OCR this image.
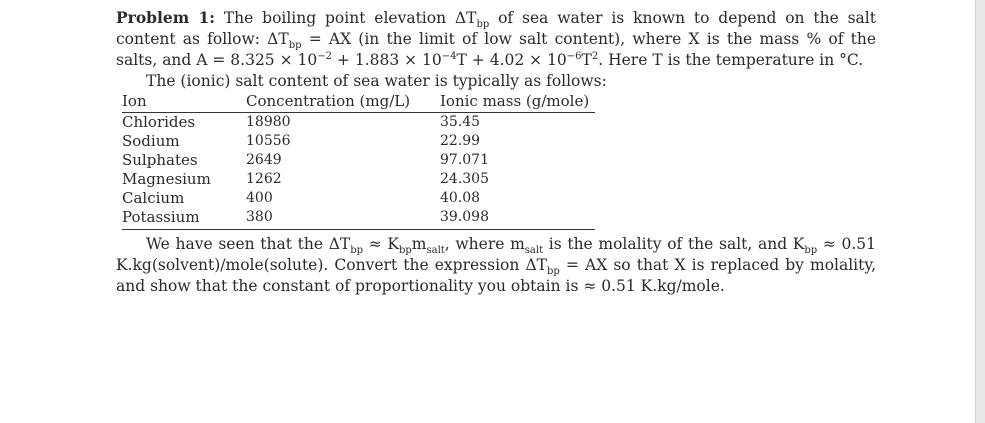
Problem 1: The boiling point elevation $\Delta T_{bp}$ of sea water is known to depend on the salt content as follow: $\Delta T_{bp}$ = AX (in the limit of low salt content), where X is the mass % of the salts, and $A = 8.325 \times 10^{-2} + 1.883 \times 10^{-4}T + 4.02 \times 10^{-6}T^2$. Here T is the temperature in °C.

The (ionic) salt content of sea water is typically as follows:

Ion	Concentration (mg/L)	Ionic mass (g/mole)
Chlorides	18980	35.45
Sodium	10556	22.99
Sulphates	2649	97.071
Magnesium	1262	24.305
Calcium	400	40.08
Potassium	380	39.098

We have seen that the $\Delta T_{bp} \approx K_{bp}m_{salt}$, where $m_{salt}$ is the molality of the salt, and $K_{bp} \approx 0.51$ K.kg(solvent)/mole(solute). Convert the expression $\Delta T_{bp}$ = AX so that X is replaced by molality, and show that the constant of proportionality you obtain is ≈ 0.51 K.kg/mole.
